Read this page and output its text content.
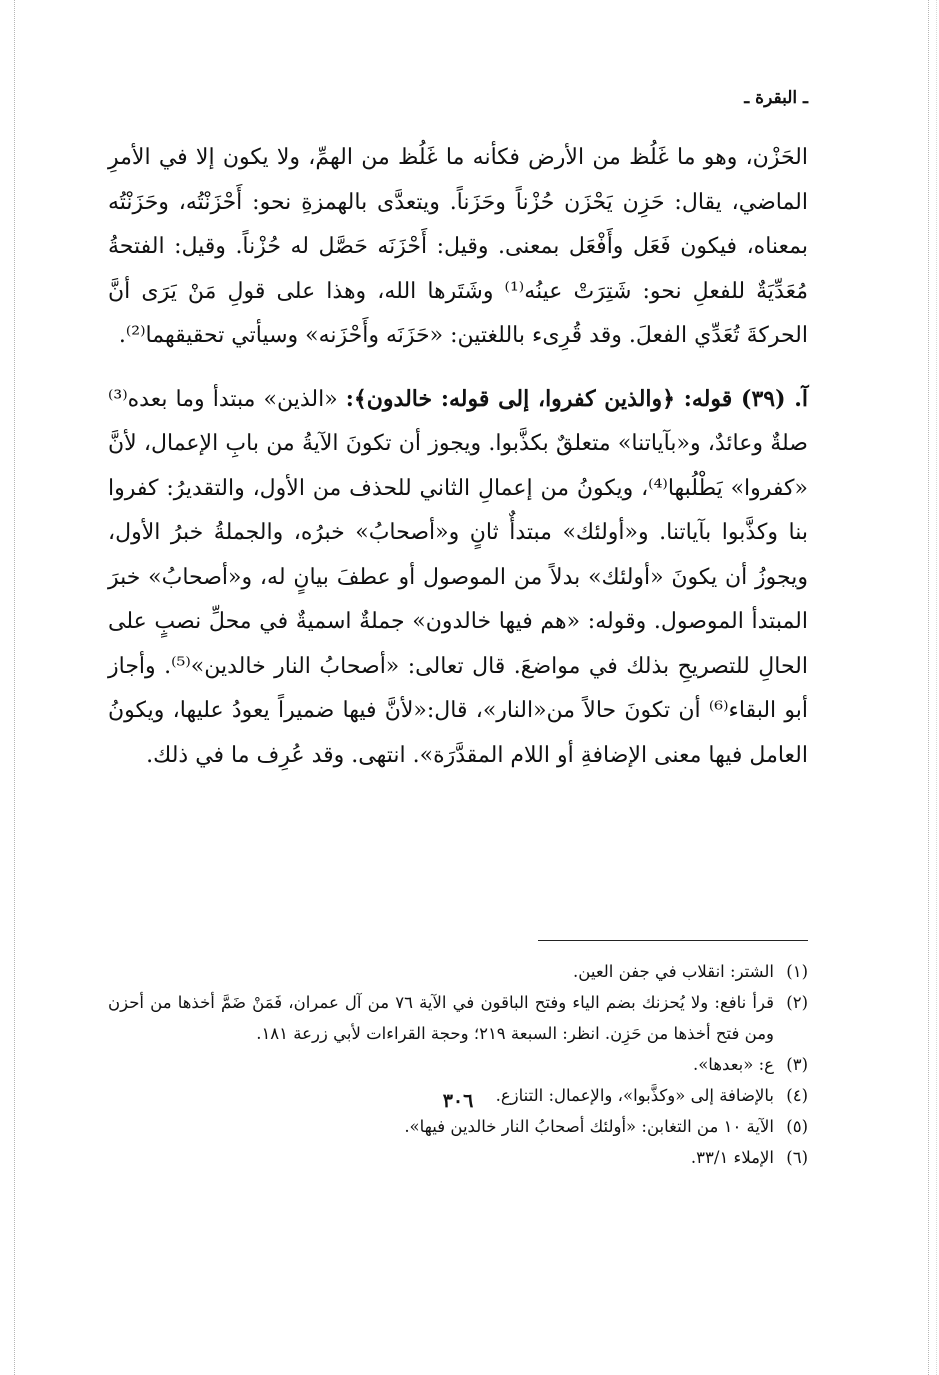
ـ البقرة ـ

الحَزْن، وهو ما غَلُظ من الأرض فكأنه ما غَلُظ من الهمِّ، ولا يكون إلا في الأمرِ الماضي، يقال: حَزِن يَحْزَن حُزْناً وحَزَناً. ويتعدَّى بالهمزةِ نحو: أَحْزَنْتُه، وحَزَنْتُه بمعناه، فيكون فَعَل وأَفْعَل بمعنى. وقيل: أَحْزَنَه حَصَّل له حُزْناً. وقيل: الفتحةُ مُعَدِّيَةٌ للفعلِ نحو: شَتِرَتْ عينُه⁽¹⁾ وشَتَرها الله، وهذا على قولِ مَنْ يَرَى أنَّ الحركةَ تُعَدِّي الفعلَ. وقد قُرِىء باللغتين: «حَزَنَه وأَحْزَنه» وسيأتي تحقيقهما⁽²⁾.

آ. (٣٩) قوله: ﴿والذين كفروا، إلى قوله: خالدون﴾: «الذين» مبتدأ وما بعده⁽³⁾ صلةٌ وعائدٌ، و«بآياتنا» متعلقٌ بكذَّبوا. ويجوز أن تكونَ الآيةُ من بابِ الإعمال، لأنَّ «كفروا» يَطْلُبها⁽⁴⁾، ويكونُ من إعمالِ الثاني للحذف من الأول، والتقديرُ: كفروا بنا وكذَّبوا بآياتنا. و«أولئك» مبتدأٌ ثانٍ و«أصحابُ» خبرُه، والجملةُ خبرُ الأول، ويجوزُ أن يكونَ «أولئك» بدلاً من الموصول أو عطفَ بيانٍ له، و«أصحابُ» خبرَ المبتدأ الموصول. وقوله: «هم فيها خالدون» جملةٌ اسميةٌ في محلِّ نصبٍ على الحالِ للتصريحِ بذلك في مواضعَ. قال تعالى: «أصحابُ النار خالدين»⁽⁵⁾. وأجاز أبو البقاء⁽⁶⁾ أن تكونَ حالاً من«النار»، قال:«لأنَّ فيها ضميراً يعودُ عليها، ويكونُ العامل فيها معنى الإضافةِ أو اللام المقدَّرَة». انتهى. وقد عُرِف ما في ذلك.

(١)
الشتر: انقلاب في جفن العين.

(٢)
قرأ نافع: ولا يُحزنك بضم الياء وفتح الباقون في الآية ٧٦ من آل عمران، فَمَنْ ضَمَّ أخذها من أحزن ومن فتح أخذها من حَزِن. انظر: السبعة ٢١٩؛ وحجة القراءات لأبي زرعة ١٨١.

(٣)
ع: «بعدها».

(٤)
بالإضافة إلى «وكذَّبوا»، والإعمال: التنازع.

(٥)
الآية ١٠ من التغابن: «أولئك أصحابُ النار خالدين فيها».

(٦)
الإملاء ٣٣/١.

٣٠٦
